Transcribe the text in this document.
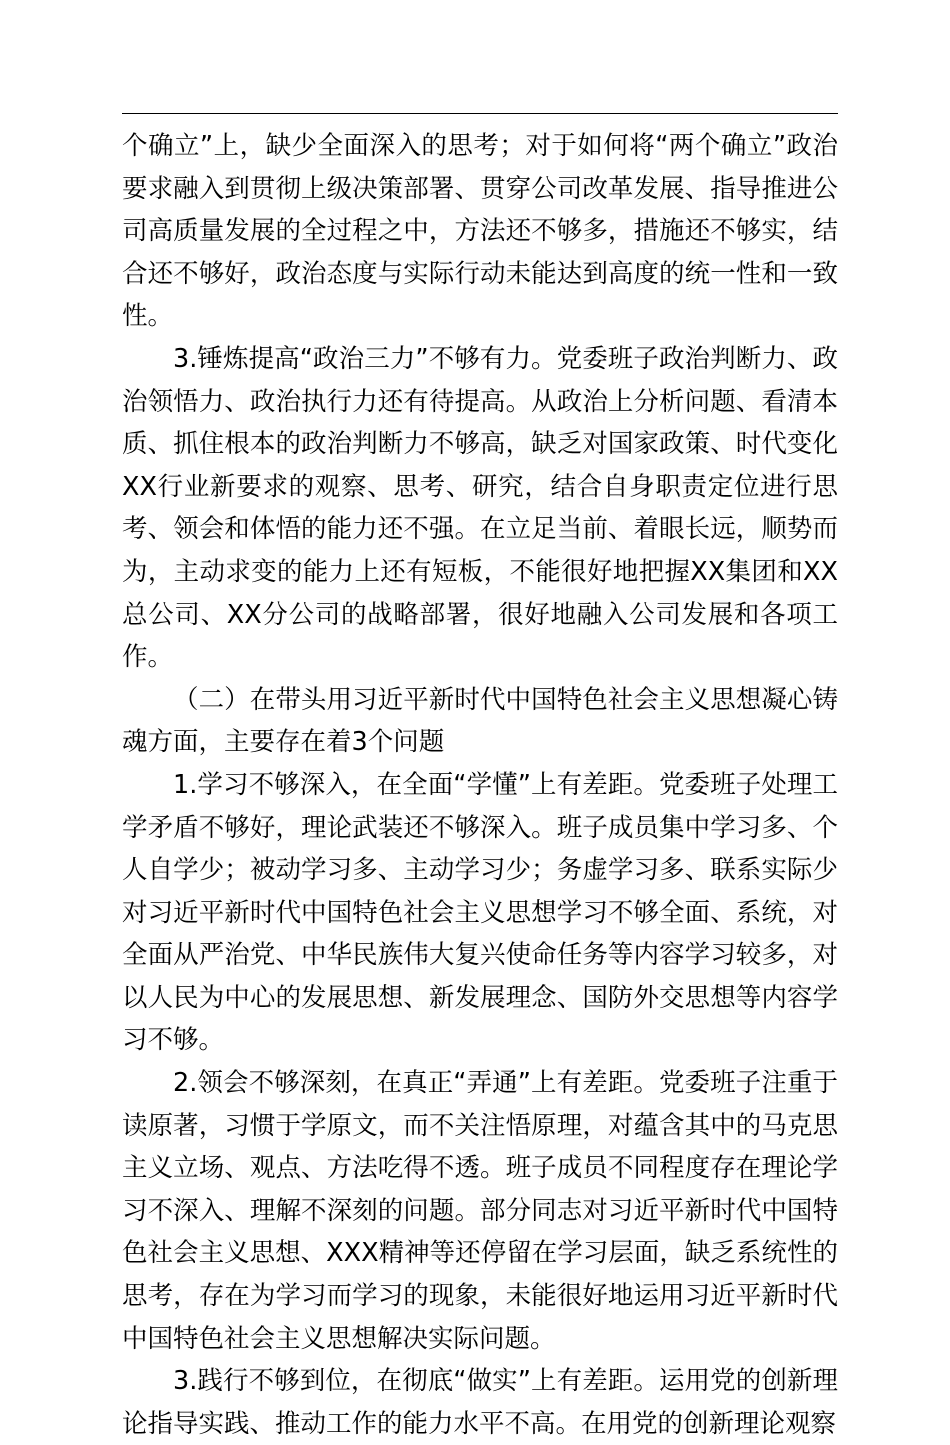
个确立”上，缺少全面深入的思考；对于如何将“两个确立”政治要求融入到贯彻上级决策部署、贯穿公司改革发展、指导推进公司高质量发展的全过程之中，方法还不够多，措施还不够实，结合还不够好，政治态度与实际行动未能达到高度的统一性和一致性。

3.锤炼提高“政治三力”不够有力。党委班子政治判断力、政治领悟力、政治执行力还有待提高。从政治上分析问题、看清本质、抓住根本的政治判断力不够高，缺乏对国家政策、时代变化XX行业新要求的观察、思考、研究，结合自身职责定位进行思考、领会和体悟的能力还不强。在立足当前、着眼长远，顺势而为，主动求变的能力上还有短板，不能很好地把握XX集团和XX总公司、XX分公司的战略部署，很好地融入公司发展和各项工作。

（二）在带头用习近平新时代中国特色社会主义思想凝心铸魂方面，主要存在着3个问题

1.学习不够深入，在全面“学懂”上有差距。党委班子处理工学矛盾不够好，理论武装还不够深入。班子成员集中学习多、个人自学少；被动学习多、主动学习少；务虚学习多、联系实际少对习近平新时代中国特色社会主义思想学习不够全面、系统，对全面从严治党、中华民族伟大复兴使命任务等内容学习较多，对以人民为中心的发展思想、新发展理念、国防外交思想等内容学习不够。

2.领会不够深刻，在真正“弄通”上有差距。党委班子注重于读原著，习惯于学原文，而不关注悟原理，对蕴含其中的马克思主义立场、观点、方法吃得不透。班子成员不同程度存在理论学习不深入、理解不深刻的问题。部分同志对习近平新时代中国特色社会主义思想、XXX精神等还停留在学习层面，缺乏系统性的思考，存在为学习而学习的现象，未能很好地运用习近平新时代中国特色社会主义思想解决实际问题。

3.践行不够到位，在彻底“做实”上有差距。运用党的创新理论指导实践、推动工作的能力水平不高。在用党的创新理论观察
